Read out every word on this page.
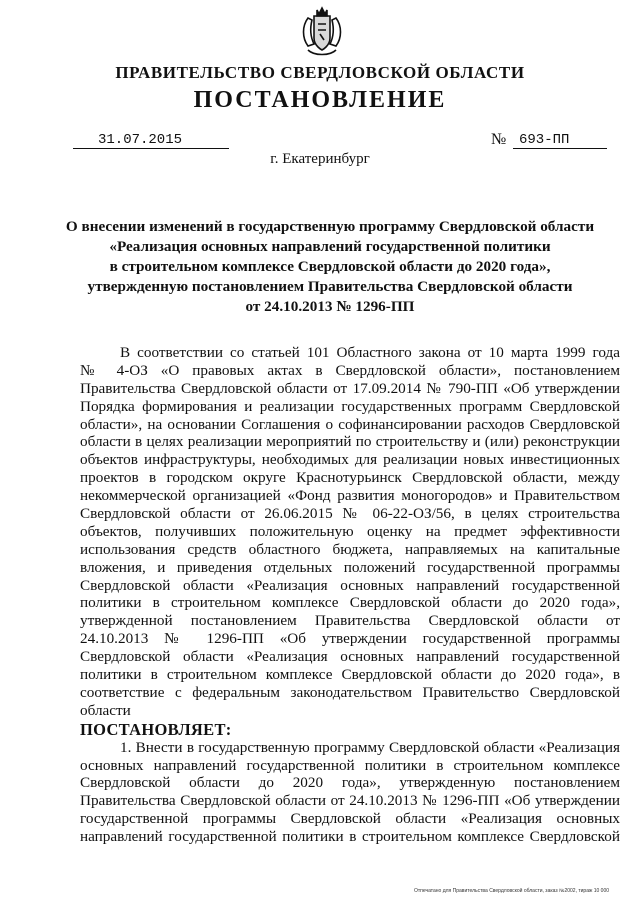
ПРАВИТЕЛЬСТВО СВЕРДЛОВСКОЙ ОБЛАСТИ
ПОСТАНОВЛЕНИЕ
31.07.2015	№ 693-ПП
г. Екатеринбург
О внесении изменений в государственную программу Свердловской области
«Реализация основных направлений государственной политики
в строительном комплексе Свердловской области до 2020 года»,
утвержденную постановлением Правительства Свердловской области
от 24.10.2013 № 1296-ПП
В соответствии со статьей 101 Областного закона от 10 марта 1999 года
№ 4-ОЗ «О правовых актах в Свердловской области», постановлением
Правительства Свердловской области от 17.09.2014 № 790-ПП «Об утверждении
Порядка формирования и реализации государственных программ Свердловской
области», на основании Соглашения о софинансировании расходов Свердловской
области в целях реализации мероприятий по строительству и (или) реконструкции
объектов инфраструктуры, необходимых для реализации новых инвестиционных
проектов в городском округе Краснотурьинск Свердловской области, между
некоммерческой организацией «Фонд развития моногородов» и Правительством
Свердловской области от 26.06.2015 № 06-22-ОЗ/56, в целях строительства
объектов, получивших положительную оценку на предмет эффективности
использования средств областного бюджета, направляемых на капитальные
вложения, и приведения отдельных положений государственной программы
Свердловской области «Реализация основных направлений государственной
политики в строительном комплексе Свердловской области до 2020 года»,
утвержденной постановлением Правительства Свердловской области от
24.10.2013 № 1296-ПП «Об утверждении государственной программы
Свердловской области «Реализация основных направлений государственной
политики в строительном комплексе Свердловской области до 2020 года», в
соответствие с федеральным законодательством Правительство Свердловской
области
ПОСТАНОВЛЯЕТ:
1. Внести в государственную программу Свердловской области «Реализация
основных направлений государственной политики в строительном комплексе
Свердловской области до 2020 года», утвержденную постановлением
Правительства Свердловской области от 24.10.2013 № 1296-ПП «Об утверждении
государственной программы Свердловской области «Реализация основных
направлений государственной политики в строительном комплексе Свердловской
Отпечатано для Правительства Свердловской области, заказ №2002, тираж 10 000
